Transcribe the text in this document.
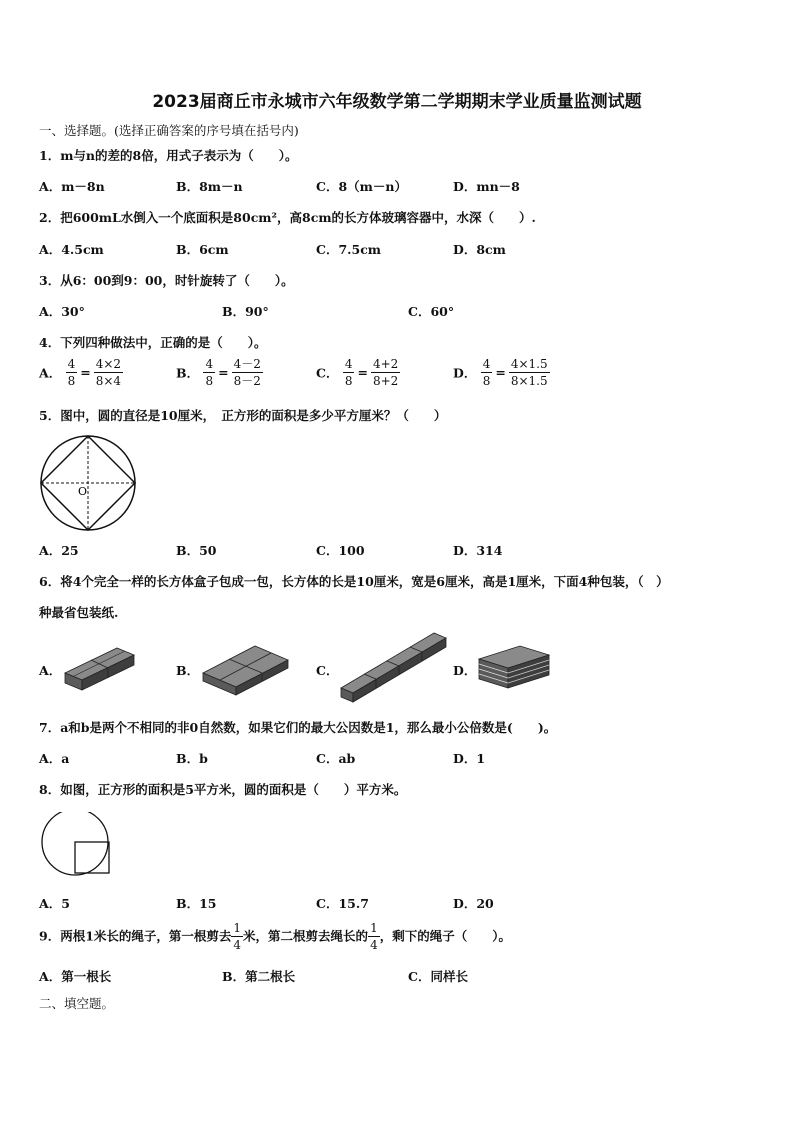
2023届商丘市永城市六年级数学第二学期期末学业质量监测试题
一、选择题。(选择正确答案的序号填在括号内)
1．m与n的差的8倍，用式子表示为（　　）。
A．m－8n	B．8m－n	C．8（m－n）	D．mn－8
2．把600mL水倒入一个底面积是80cm²，高8cm的长方体玻璃容器中，水深（　　）.
A．4.5cm	B．6cm	C．7.5cm	D．8cm
3．从6：00到9：00，时针旋转了（　　）。
A．30°	B．90°	C．60°
4．下列四种做法中，正确的是（　　）。
A． $\frac{4}{8} = \frac{4\times 2}{8\times 4}$	B． $\frac{4}{8} = \frac{4-2}{8-2}$	C． $\frac{4}{8} = \frac{4+2}{8+2}$	D． $\frac{4}{8} = \frac{4\times 1.5}{8\times 1.5}$
5．图中，圆的直径是10厘米，　正方形的面积是多少平方厘米？（　　）
O
A．25	B．50	C．100	D．314
6．将4个完全一样的长方体盒子包成一包，长方体的长是10厘米，宽是6厘米，高是1厘米，下面4种包装，（　）
种最省包装纸.
A．	B．	C．	D．
7．a和b是两个不相同的非0自然数，如果它们的最大公因数是1，那么最小公倍数是(　　)。
A．a	B．b	C．ab	D．1
8．如图，正方形的面积是5平方米，圆的面积是（　　）平方米。
A．5	B．15	C．15.7	D．20
9．两根1米长的绳子，第一根剪去 $\frac{1}{4}$ 米，第二根剪去绳长的 $\frac{1}{4}$ ，剩下的绳子（　　）。
A．第一根长	B．第二根长	C．同样长
二、填空题。
